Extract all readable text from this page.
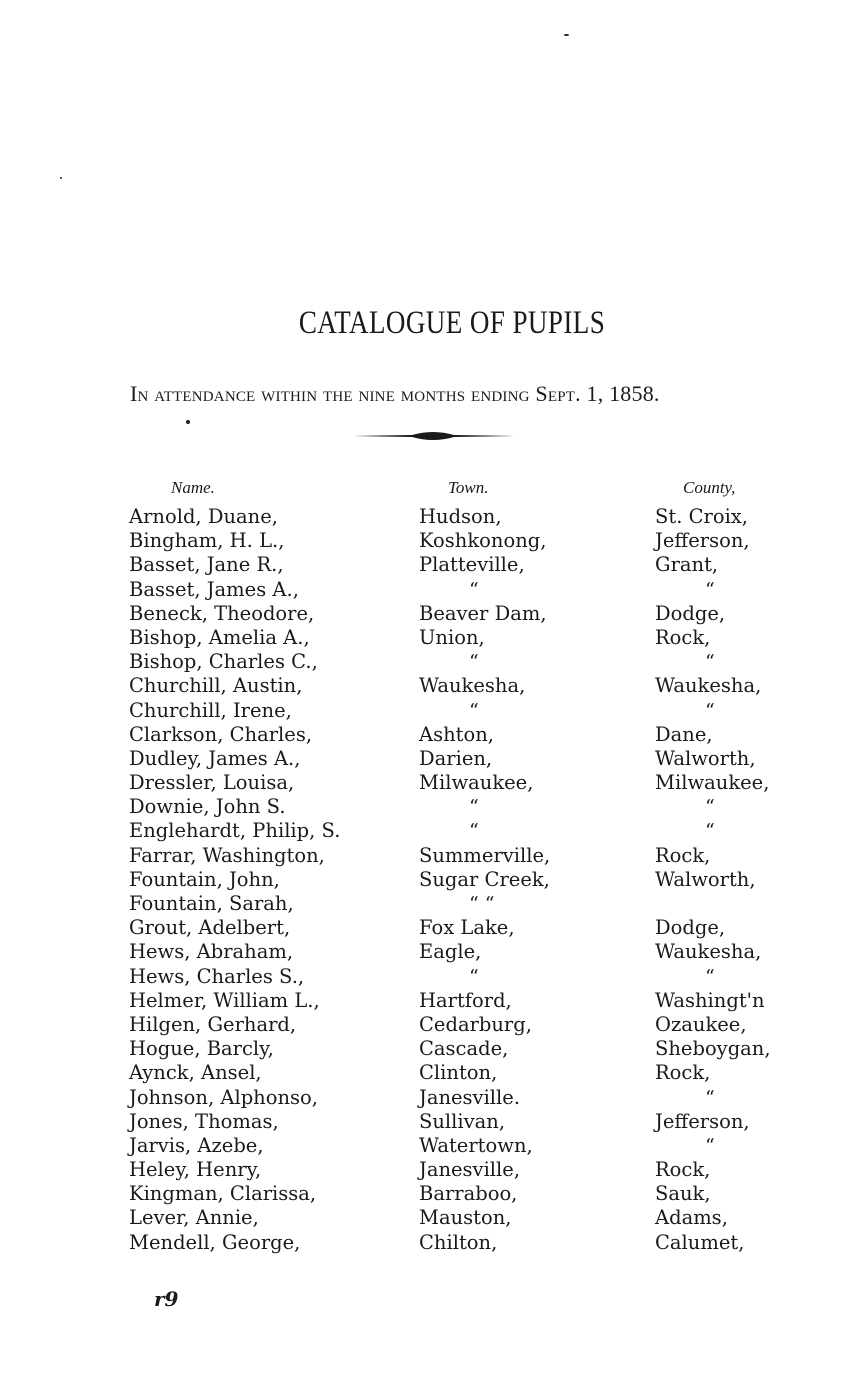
CATALOGUE OF PUPILS
In attendance within the nine months ending Sept. 1, 1858.
Name.	Town.	County,
Arnold, Duane,
Bingham, H. L.,
Basset, Jane R.,
Basset, James A.,
Beneck, Theodore,
Bishop, Amelia A.,
Bishop, Charles C.,
Churchill, Austin,
Churchill, Irene,
Clarkson, Charles,
Dudley, James A.,
Dressler, Louisa,
Downie, John S.
Englehardt, Philip, S.
Farrar, Washington,
Fountain, John,
Fountain, Sarah,
Grout, Adelbert,
Hews, Abraham,
Hews, Charles S.,
Helmer, William L.,
Hilgen, Gerhard,
Hogue, Barcly,
Aynck, Ansel,
Johnson, Alphonso,
Jones, Thomas,
Jarvis, Azebe,
Heley, Henry,
Kingman, Clarissa,
Lever, Annie,
Mendell, George,
Hudson,
Koshkonong,
Platteville,
“
Beaver Dam,
Union,
“
Waukesha,
“
Ashton,
Darien,
Milwaukee,
“
“
Summerville,
Sugar Creek,
“ “
Fox Lake,
Eagle,
“
Hartford,
Cedarburg,
Cascade,
Clinton,
Janesville.
Sullivan,
Watertown,
Janesville,
Barraboo,
Mauston,
Chilton,
St. Croix,
Jefferson,
Grant,
“
Dodge,
Rock,
“
Waukesha,
“
Dane,
Walworth,
Milwaukee,
“
“
Rock,
Walworth,
Dodge,
Waukesha,
“
Washingt'n
Ozaukee,
Sheboygan,
Rock,
“
Jefferson,
“
Rock,
Sauk,
Adams,
Calumet,
r9
